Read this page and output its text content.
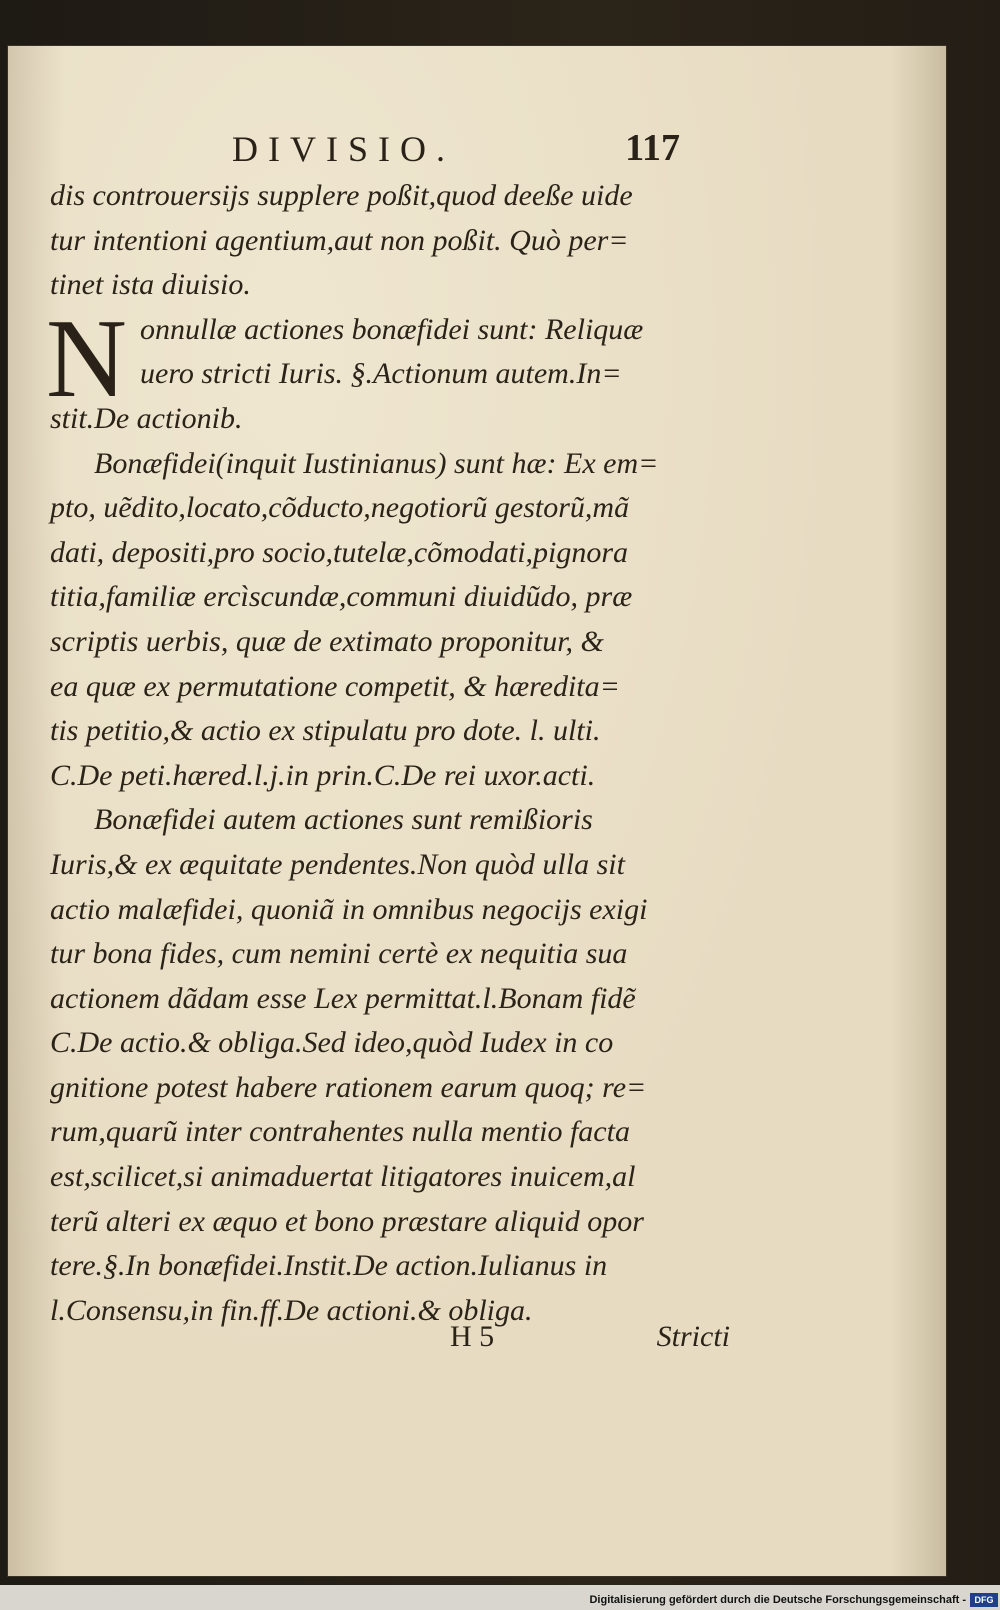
DIVISIO.	117
dis controuersijs supplere poßit,quod deeße uide
tur intentioni agentium,aut non poßit. Quò per=
tinet ista diuisio.
N onnullæ actiones bonæfidei sunt: Reliquæ
uero stricti Iuris. §.Actionum autem.In=
stit.De actionib.
Bonæfidei(inquit Iustinianus) sunt hæ: Ex em=
pto, uẽdito,locato,cõducto,negotiorũ gestorũ,mã
dati, depositi,pro socio,tutelæ,cõmodati,pignora
titia,familiæ ercìscundæ,communi diuidũdo, præ
scriptis uerbis, quæ de extimato proponitur, &
ea quæ ex permutatione competit, & hæredita=
tis petitio,& actio ex stipulatu pro dote. l. ulti.
C.De peti.hæred.l.j.in prin.C.De rei uxor.acti.
Bonæfidei autem actiones sunt remißioris
Iuris,& ex æquitate pendentes.Non quòd ulla sit
actio malæfidei, quoniã in omnibus negocijs exigi
tur bona fides, cum nemini certè ex nequitia sua
actionem dãdam esse Lex permittat.l.Bonam fidẽ
C.De actio.& obliga.Sed ideo,quòd Iudex in co
gnitione potest habere rationem earum quoq; re=
rum,quarũ inter contrahentes nulla mentio facta
est,scilicet,si animaduertat litigatores inuicem,al
terũ alteri ex æquo et bono præstare aliquid opor
tere.§.In bonæfidei.Instit.De action.Iulianus in
l.Consensu,in fin.ff.De actioni.& obliga.
H 5	Stricti
Digitalisierung gefördert durch die Deutsche Forschungsgemeinschaft - DFG
